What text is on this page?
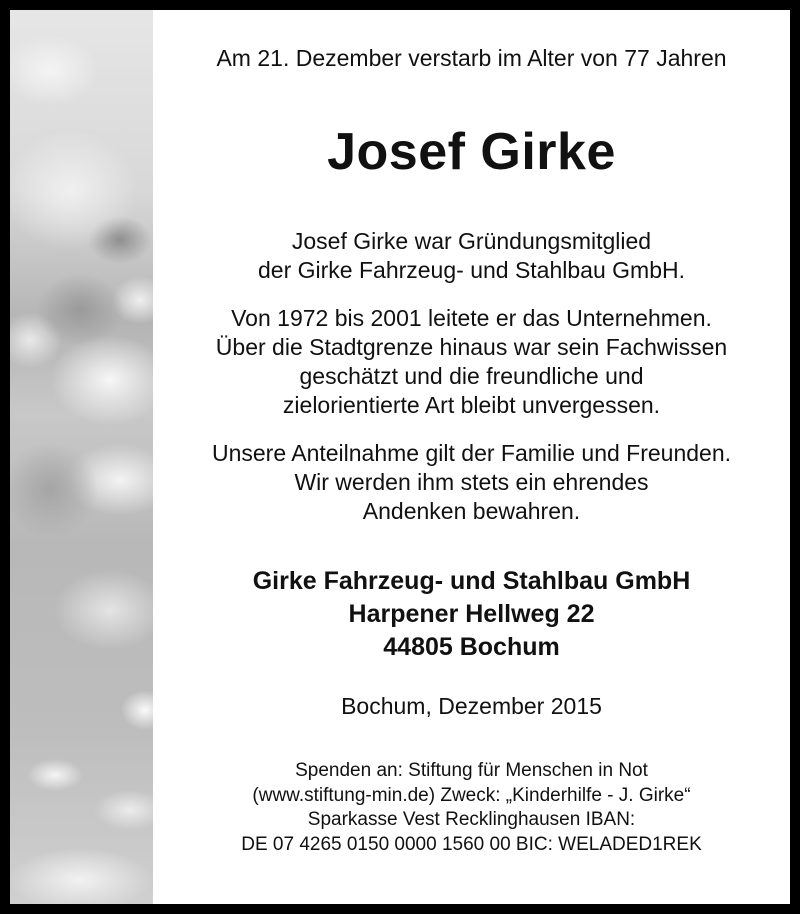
Am 21. Dezember verstarb im Alter von 77 Jahren
Josef Girke
Josef Girke war Gründungsmitglied
der Girke Fahrzeug- und Stahlbau GmbH.
Von 1972 bis 2001 leitete er das Unternehmen.
Über die Stadtgrenze hinaus war sein Fachwissen
geschätzt und die freundliche und
zielorientierte Art bleibt unvergessen.
Unsere Anteilnahme gilt der Familie und Freunden.
Wir werden ihm stets ein ehrendes
Andenken bewahren.
Girke Fahrzeug- und Stahlbau GmbH
Harpener Hellweg 22
44805 Bochum
Bochum, Dezember 2015
Spenden an: Stiftung für Menschen in Not
(www.stiftung-min.de) Zweck: „Kinderhilfe - J. Girke“
Sparkasse Vest Recklinghausen IBAN:
DE 07 4265 0150 0000 1560 00 BIC: WELADED1REK
